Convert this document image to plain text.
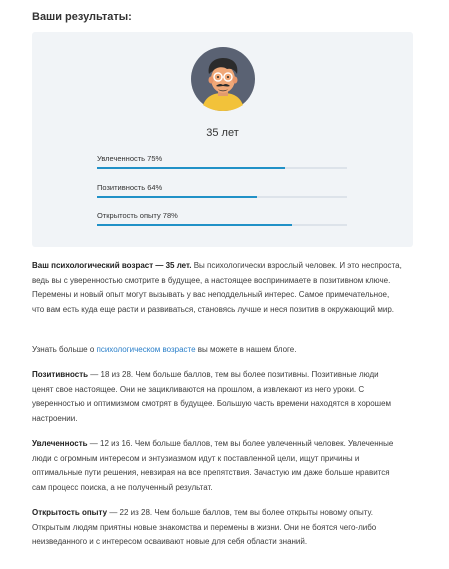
Ваши результаты:
35 лет
Увлеченность 75%
Позитивность 64%
Открытость опыту 78%

Ваш психологический возраст — 35 лет. Вы психологически взрослый человек. И это неспроста, ведь вы с уверенностью смотрите в будущее, а настоящее воспринимаете в позитивном ключе. Перемены и новый опыт могут вызывать у вас неподдельный интерес. Самое примечательное, что вам есть куда еще расти и развиваться, становясь лучше и неся позитив в окружающий мир.

Узнать больше о психологическом возрасте вы можете в нашем блоге.

Позитивность — 18 из 28. Чем больше баллов, тем вы более позитивны. Позитивные люди ценят свое настоящее. Они не зацикливаются на прошлом, а извлекают из него уроки. С уверенностью и оптимизмом смотрят в будущее. Большую часть времени находятся в хорошем настроении.

Увлеченность — 12 из 16. Чем больше баллов, тем вы более увлеченный человек. Увлеченные люди с огромным интересом и энтузиазмом идут к поставленной цели, ищут причины и оптимальные пути решения, невзирая на все препятствия. Зачастую им даже больше нравится сам процесс поиска, а не полученный результат.

Открытость опыту — 22 из 28. Чем больше баллов, тем вы более открыты новому опыту. Открытым людям приятны новые знакомства и перемены в жизни. Они не боятся чего-либо неизведанного и с интересом осваивают новые для себя области знаний.
